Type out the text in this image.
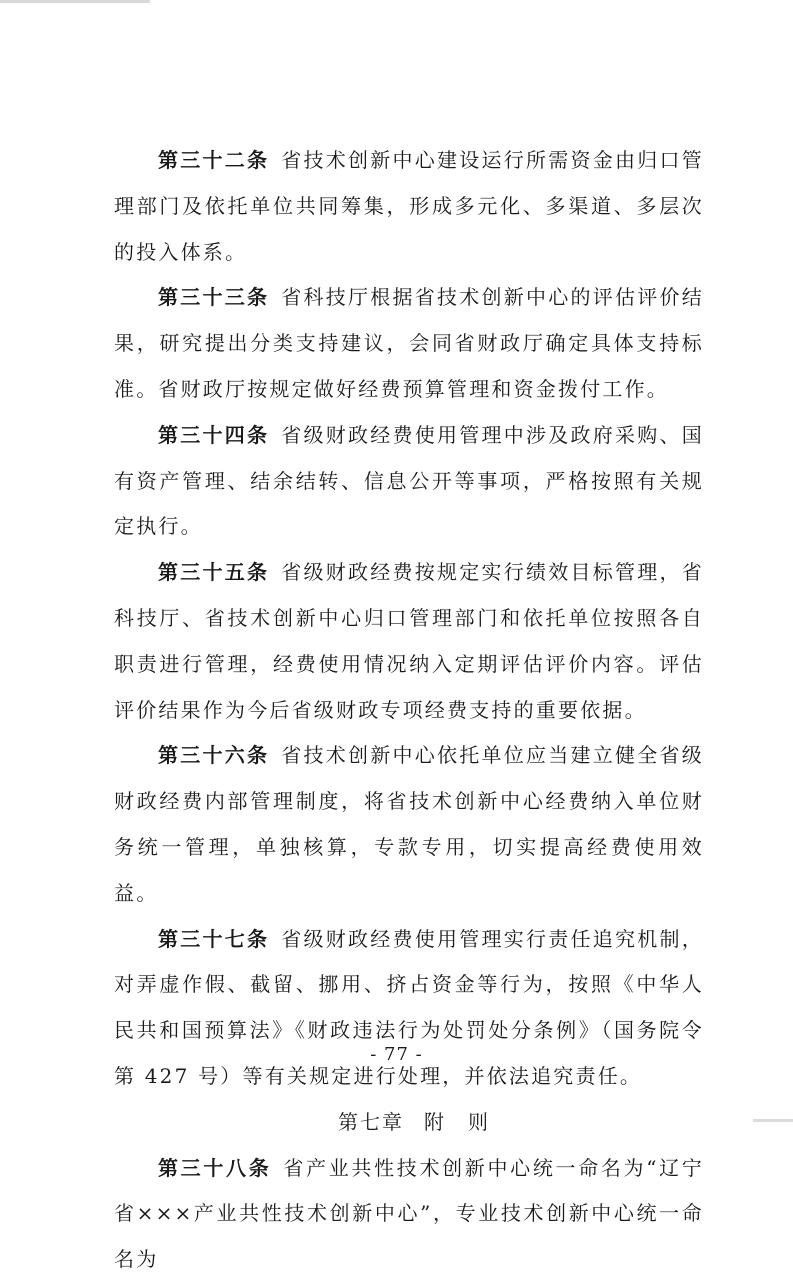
第三十二条 省技术创新中心建设运行所需资金由归口管理部门及依托单位共同筹集，形成多元化、多渠道、多层次的投入体系。

第三十三条 省科技厅根据省技术创新中心的评估评价结果，研究提出分类支持建议，会同省财政厅确定具体支持标准。省财政厅按规定做好经费预算管理和资金拨付工作。

第三十四条 省级财政经费使用管理中涉及政府采购、国有资产管理、结余结转、信息公开等事项，严格按照有关规定执行。

第三十五条 省级财政经费按规定实行绩效目标管理，省科技厅、省技术创新中心归口管理部门和依托单位按照各自职责进行管理，经费使用情况纳入定期评估评价内容。评估评价结果作为今后省级财政专项经费支持的重要依据。

第三十六条 省技术创新中心依托单位应当建立健全省级财政经费内部管理制度，将省技术创新中心经费纳入单位财务统一管理，单独核算，专款专用，切实提高经费使用效益。

第三十七条 省级财政经费使用管理实行责任追究机制，对弄虚作假、截留、挪用、挤占资金等行为，按照《中华人民共和国预算法》《财政违法行为处罚处分条例》（国务院令第 427 号）等有关规定进行处理，并依法追究责任。

第七章 附　则

第三十八条 省产业共性技术创新中心统一命名为“辽宁省×××产业共性技术创新中心”，专业技术创新中心统一命名为

- 77 -
